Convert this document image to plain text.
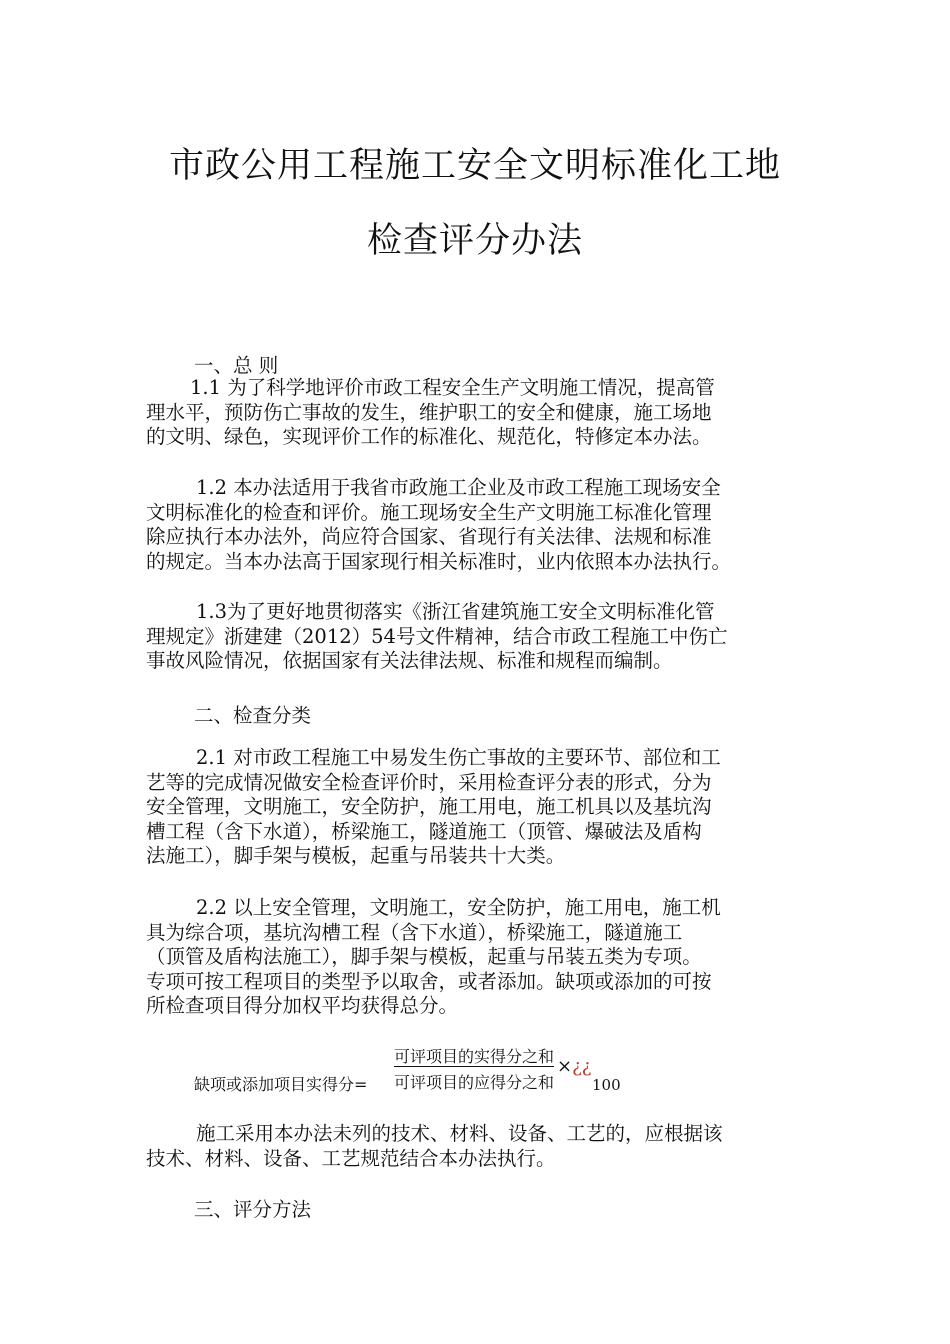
市政公用工程施工安全文明标准化工地
检查评分办法
一、总 则
1.1 为了科学地评价市政工程安全生产文明施工情况，提高管
理水平，预防伤亡事故的发生，维护职工的安全和健康，施工场地
的文明、绿色，实现评价工作的标准化、规范化，特修定本办法。
1.2 本办法适用于我省市政施工企业及市政工程施工现场安全
文明标准化的检查和评价。施工现场安全生产文明施工标准化管理
除应执行本办法外，尚应符合国家、省现行有关法律、法规和标准
的规定。当本办法高于国家现行相关标准时，业内依照本办法执行。
1.3为了更好地贯彻落实《浙江省建筑施工安全文明标准化管
理规定》浙建建（2012）54号文件精神，结合市政工程施工中伤亡
事故风险情况，依据国家有关法律法规、标准和规程而编制。
二、检查分类
2.1 对市政工程施工中易发生伤亡事故的主要环节、部位和工
艺等的完成情况做安全检查评价时，采用检查评分表的形式，分为
安全管理，文明施工，安全防护，施工用电，施工机具以及基坑沟
槽工程（含下水道），桥梁施工，隧道施工（顶管、爆破法及盾构
法施工），脚手架与模板，起重与吊装共十大类。
2.2 以上安全管理，文明施工，安全防护，施工用电，施工机
具为综合项，基坑沟槽工程（含下水道），桥梁施工，隧道施工
（顶管及盾构法施工），脚手架与模板，起重与吊装五类为专项。
专项可按工程项目的类型予以取舍，或者添加。缺项或添加的可按
所检查项目得分加权平均获得总分。
缺项或添加项目实得分=
可评项目的实得分之和
可评项目的应得分之和
×¿¿
100
施工采用本办法未列的技术、材料、设备、工艺的，应根据该
技术、材料、设备、工艺规范结合本办法执行。
三、评分方法
